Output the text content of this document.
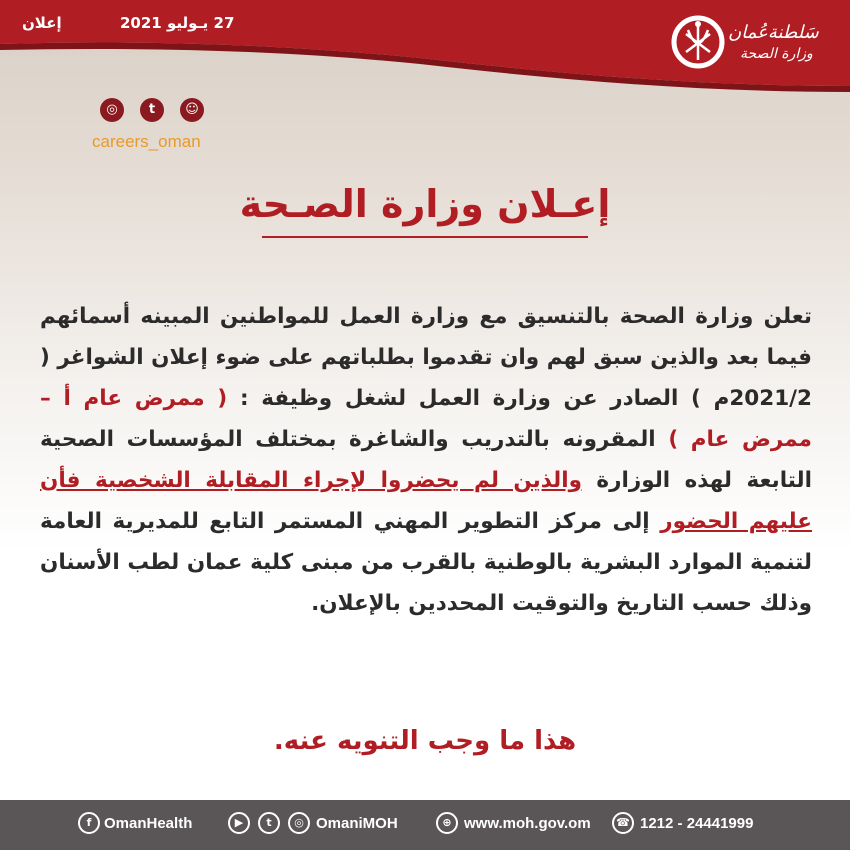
27 يـوليو 2021
إعلان	سَلطنةعُمان
وزارة الصحة
◎	t	☺
careers_oman
إعـلان وزارة الصـحة
تعلن وزارة الصحة بالتنسيق مع وزارة العمل للمواطنين المبينه أسمائهم فيما بعد والذين سبق لهم وان تقدموا بطلباتهم على ضوء إعلان الشواغر ( 2021/2م ) الصادر عن وزارة العمل لشغل وظيفة : ( ممرض عام أ – ممرض عام ) المقرونه بالتدريب والشاغرة بمختلف المؤسسات الصحية التابعة لهذه الوزارة والذين لم يحضروا لإجراء المقابلة الشخصية فأن عليهم الحضور إلى مركز التطوير المهني المستمر التابع للمديرية العامة لتنمية الموارد البشرية بالوطنية بالقرب من مبنى كلية عمان لطب الأسنان وذلك حسب التاريخ والتوقيت المحددين بالإعلان.
هذا ما وجب التنويه عنه.
f OmanHealth	▶	t	◎ OmaniMOH	⊕ www.moh.gov.om	☎ 1212 - 24441999
